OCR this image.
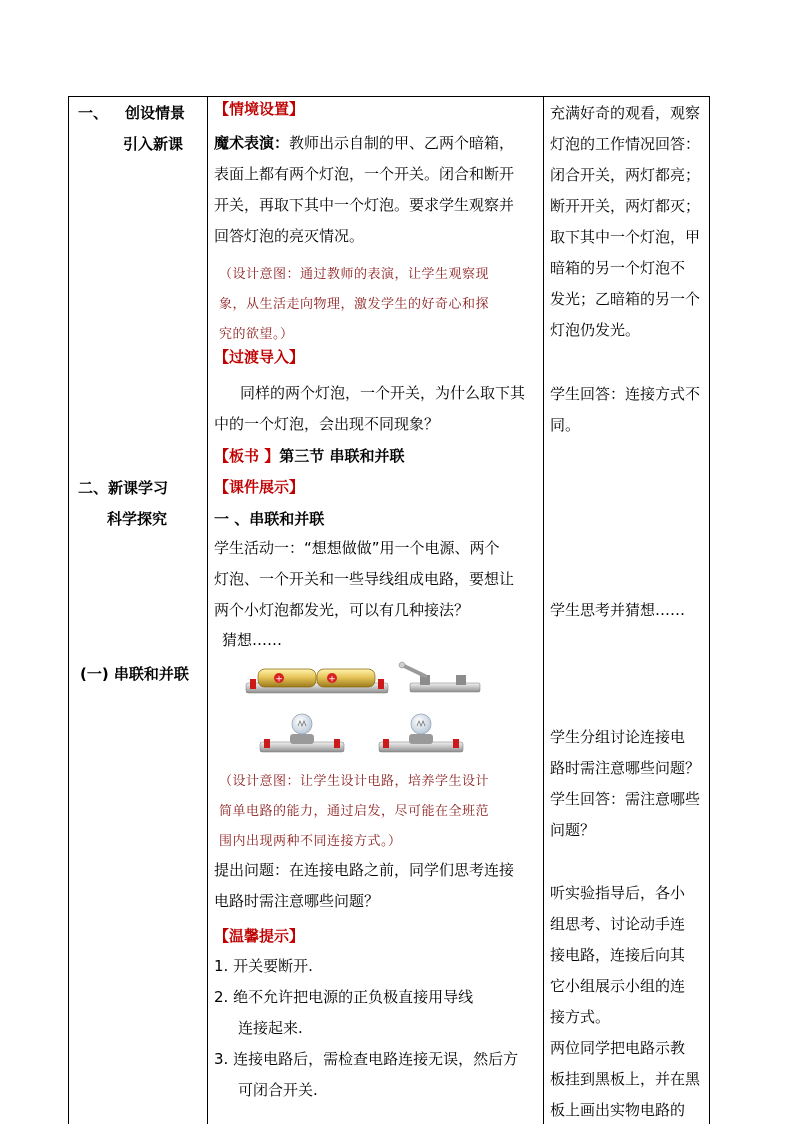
一、 创设情景
引入新课
二、新课学习
科学探究
(一) 串联和并联
【情境设置】
魔术表演：教师出示自制的甲、乙两个暗箱，
表面上都有两个灯泡，一个开关。闭合和断开
开关，再取下其中一个灯泡。要求学生观察并
回答灯泡的亮灭情况。
（设计意图：通过教师的表演，让学生观察现
象，从生活走向物理，激发学生的好奇心和探
究的欲望。）
【过渡导入】
同样的两个灯泡，一个开关，为什么取下其
中的一个灯泡，会出现不同现象？
【板书 】第三节 串联和并联
【课件展示】
一 、串联和并联
学生活动一：“想想做做”用一个电源、两个
灯泡、一个开关和一些导线组成电路，要想让
两个小灯泡都发光，可以有几种接法？
猜想……
+	+
（设计意图：让学生设计电路，培养学生设计
简单电路的能力，通过启发，尽可能在全班范
围内出现两种不同连接方式。）
提出问题：在连接电路之前，同学们思考连接
电路时需注意哪些问题？
【温馨提示】
1. 开关要断开.
2. 绝不允许把电源的正负极直接用导线
连接起来.
3. 连接电路后，需检查电路连接无误，然后方
可闭合开关.
充满好奇的观看，观察
灯泡的工作情况回答：
闭合开关，两灯都亮；
断开开关，两灯都灭；
取下其中一个灯泡，甲
暗箱的另一个灯泡不
发光；乙暗箱的另一个
灯泡仍发光。
学生回答：连接方式不
同。
学生思考并猜想……
学生分组讨论连接电
路时需注意哪些问题？
学生回答：需注意哪些
问题？
听实验指导后，各小
组思考、讨论动手连
接电路，连接后向其
它小组展示小组的连
接方式。
两位同学把电路示教
板挂到黑板上，并在黑
板上画出实物电路的
